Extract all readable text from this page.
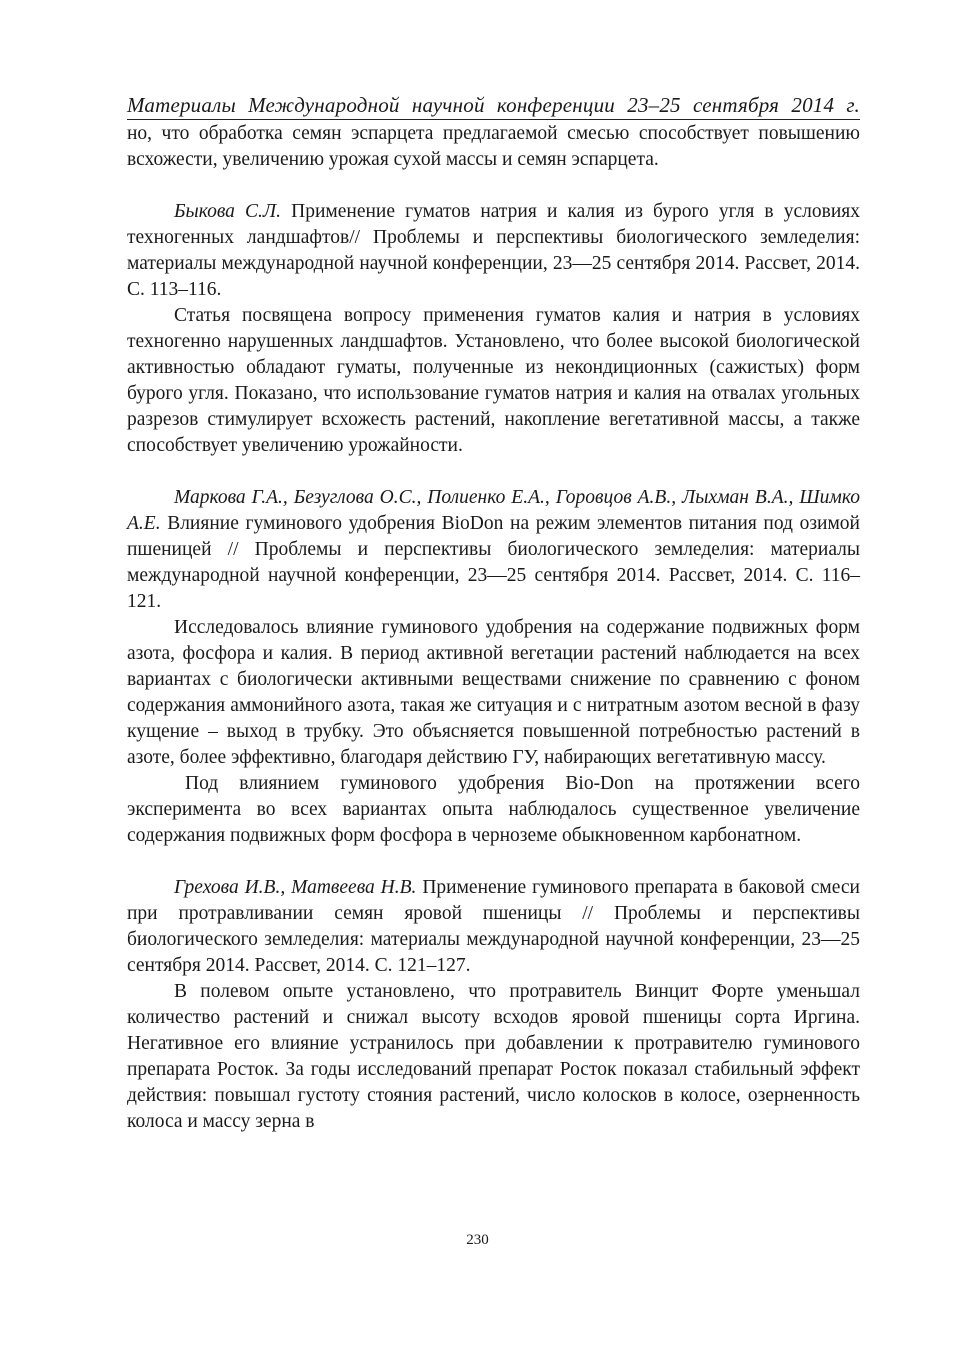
Материалы Международной научной конференции 23–25 сентября 2014 г.

но, что обработка семян эспарцета предлагаемой смесью способствует повышению всхожести, увеличению урожая сухой массы и семян эспарцета.

Быкова С.Л. Применение гуматов натрия и калия из бурого угля в условиях техногенных ландшафтов// Проблемы и перспективы биологического земледелия: материалы международной научной конференции, 23—25 сентября 2014. Рассвет, 2014. С. 113–116.

Статья посвящена вопросу применения гуматов калия и натрия в условиях техногенно нарушенных ландшафтов. Установлено, что более высокой биологической активностью обладают гуматы, полученные из некондиционных (сажистых) форм бурого угля. Показано, что использование гуматов натрия и калия на отвалах угольных разрезов стимулирует всхожесть растений, накопление вегетативной массы, а также способствует увеличению урожайности.

Маркова Г.А., Безуглова О.С., Полиенко Е.А., Горовцов А.В., Лыхман В.А., Шимко А.Е. Влияние гуминового удобрения BioDon на режим элементов питания под озимой пшеницей // Проблемы и перспективы биологического земледелия: материалы международной научной конференции, 23—25 сентября 2014. Рассвет, 2014. С. 116–121.

Исследовалось влияние гуминового удобрения на содержание подвижных форм азота, фосфора и калия. В период активной вегетации растений наблюдается на всех вариантах с биологически активными веществами снижение по сравнению с фоном содержания аммонийного азота, такая же ситуация и с нитратным азотом весной в фазу кущение – выход в трубку. Это объясняется повышенной потребностью растений в азоте, более эффективно, благодаря действию ГУ, набирающих вегетативную массу.

Под влиянием гуминового удобрения Bio-Don на протяжении всего эксперимента во всех вариантах опыта наблюдалось существенное увеличение содержания подвижных форм фосфора в черноземе обыкновенном карбонатном.

Грехова И.В., Матвеева Н.В. Применение гуминового препарата в баковой смеси при протравливании семян яровой пшеницы // Проблемы и перспективы биологического земледелия: материалы международной научной конференции, 23—25 сентября 2014. Рассвет, 2014. С. 121–127.

В полевом опыте установлено, что протравитель Винцит Форте уменьшал количество растений и снижал высоту всходов яровой пшеницы сорта Иргина. Негативное его влияние устранилось при добавлении к протравителю гуминового препарата Росток. За годы исследований препарат Росток показал стабильный эффект действия: повышал густоту стояния растений, число колосков в колосе, озерненность колоса и массу зерна в

230
